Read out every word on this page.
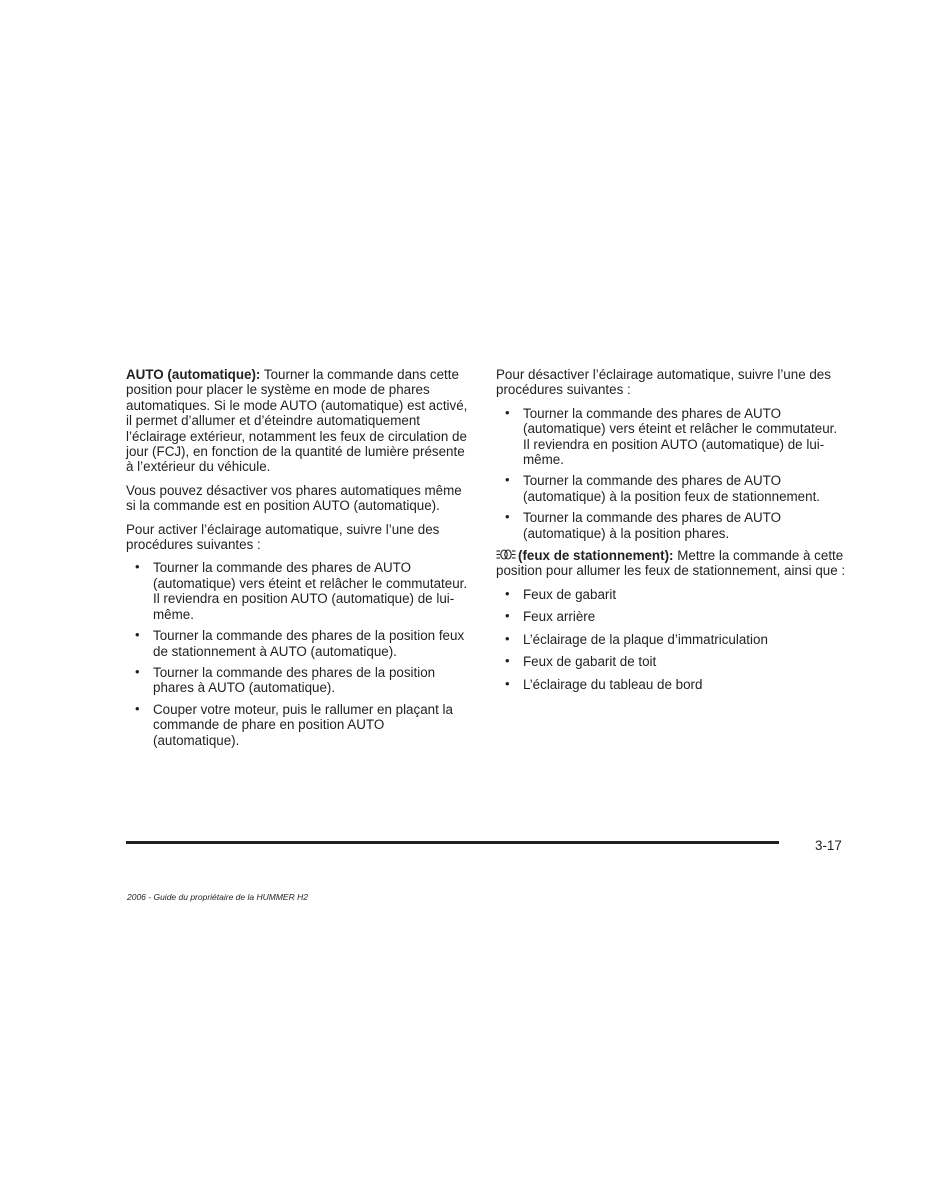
AUTO (automatique): Tourner la commande dans cette position pour placer le système en mode de phares automatiques. Si le mode AUTO (automatique) est activé, il permet d’allumer et d’éteindre automatiquement l’éclairage extérieur, notamment les feux de circulation de jour (FCJ), en fonction de la quantité de lumière présente à l’extérieur du véhicule.

Vous pouvez désactiver vos phares automatiques même si la commande est en position AUTO (automatique).

Pour activer l’éclairage automatique, suivre l’une des procédures suivantes :

• Tourner la commande des phares de AUTO (automatique) vers éteint et relâcher le commutateur. Il reviendra en position AUTO (automatique) de lui-même.
• Tourner la commande des phares de la position feux de stationnement à AUTO (automatique).
• Tourner la commande des phares de la position phares à AUTO (automatique).
• Couper votre moteur, puis le rallumer en plaçant la commande de phare en position AUTO (automatique).

Pour désactiver l’éclairage automatique, suivre l’une des procédures suivantes :

• Tourner la commande des phares de AUTO (automatique) vers éteint et relâcher le commutateur. Il reviendra en position AUTO (automatique) de lui-même.
• Tourner la commande des phares de AUTO (automatique) à la position feux de stationnement.
• Tourner la commande des phares de AUTO (automatique) à la position phares.

(feux de stationnement): Mettre la commande à cette position pour allumer les feux de stationnement, ainsi que :

• Feux de gabarit
• Feux arrière
• L’éclairage de la plaque d’immatriculation
• Feux de gabarit de toit
• L’éclairage du tableau de bord
3-17
2006 - Guide du propriétaire de la HUMMER H2
